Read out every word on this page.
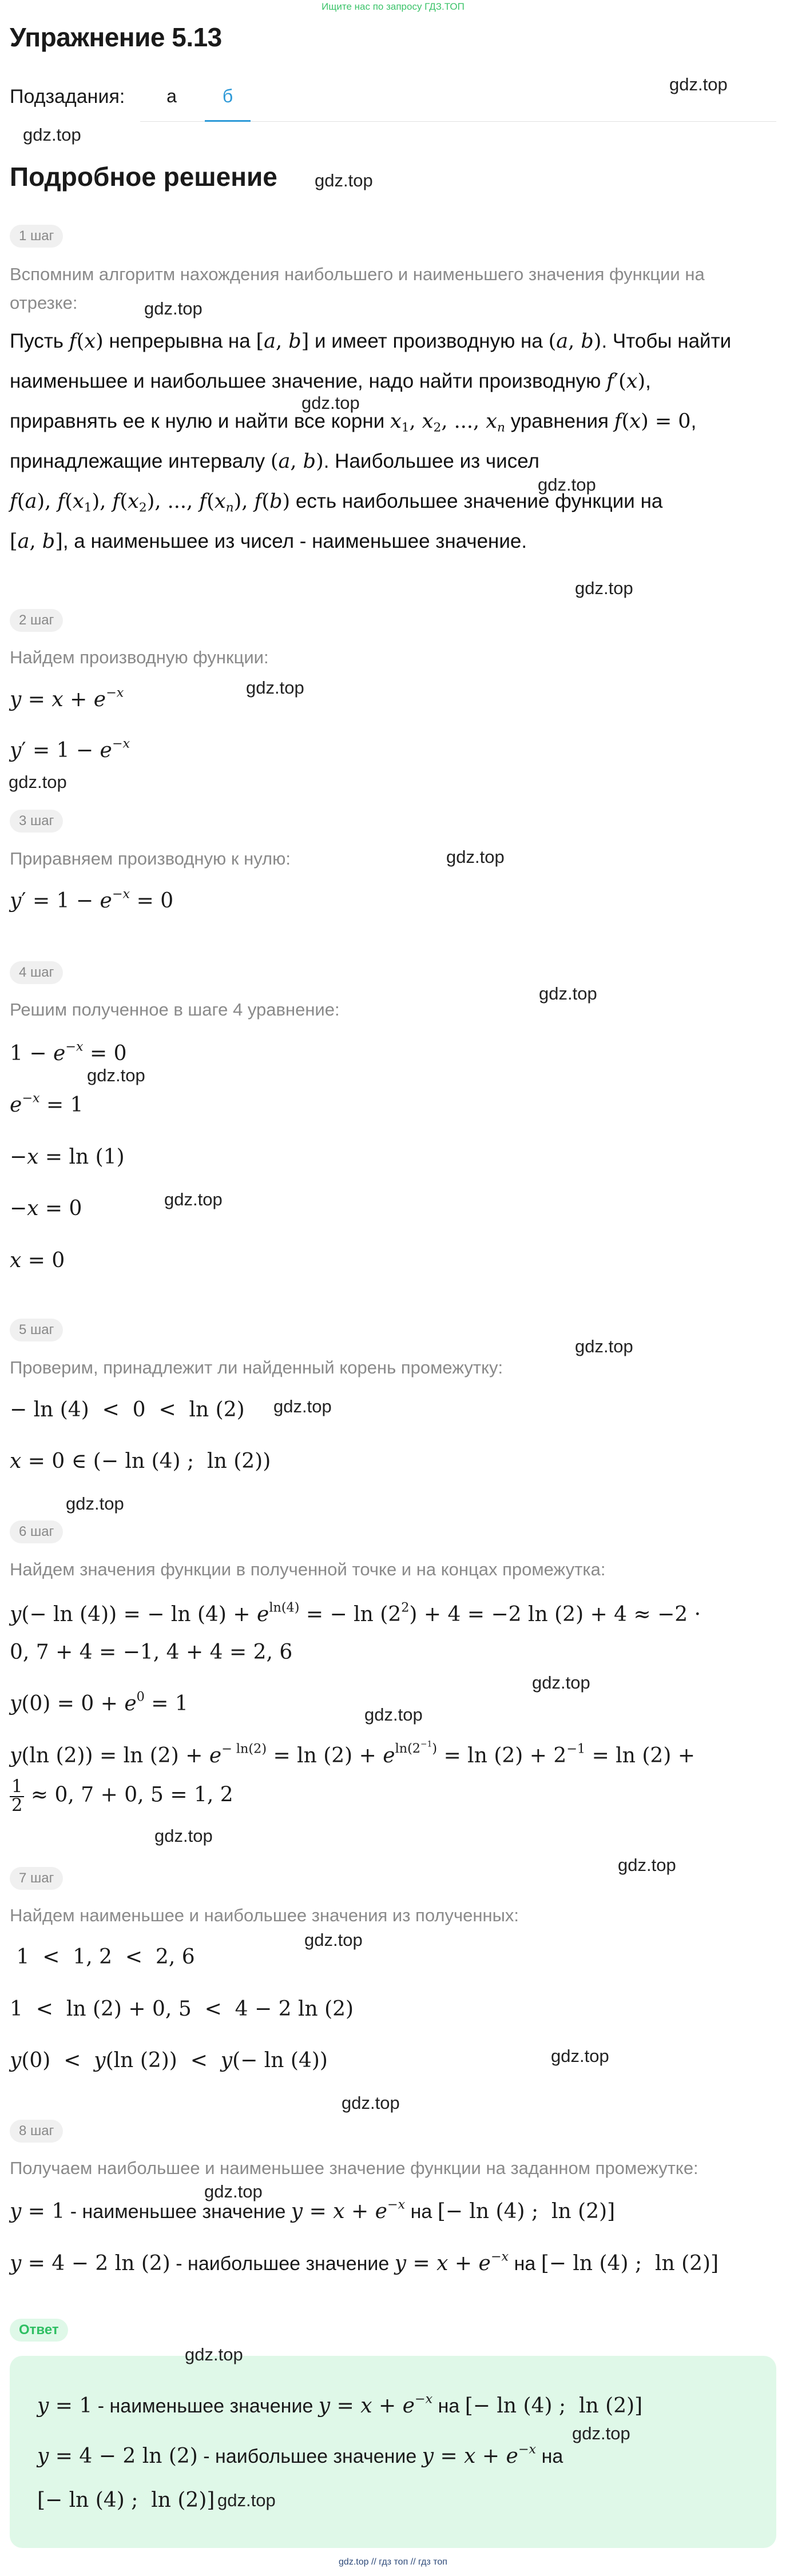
Ищите нас по запросу ГДЗ.ТОП
Упражнение 5.13
Подзадания:	а	б
Подробное решение
1 шаг
Вспомним алгоритм нахождения наибольшего и наименьшего значения функции на отрезке:
Пусть f(x) непрерывна на [a, b] и имеет производную на (a, b). Чтобы найти
наименьшее и наибольшее значение, надо найти производную f′(x),
приравнять ее к нулю и найти все корни $x_1$, $x_2$, ..., $x_n$ уравнения f(x) = 0,
принадлежащие интервалу (a, b). Наибольшее из чисел
f(a), $f(x_1)$, $f(x_2)$, ..., $f(x_n)$, f(b) есть наибольшее значение функции на
[a, b], а наименьшее из чисел - наименьшее значение.
2 шаг
Найдем производную функции:
$y = x + e^{-x}$
$y' = 1 - e^{-x}$
3 шаг
Приравняем производную к нулю:
$y' = 1 - e^{-x} = 0$
4 шаг
Решим полученное в шаге 4 уравнение:
$1 - e^{-x} = 0$
$e^{-x} = 1$
−x = ln (1)
−x = 0
x = 0
5 шаг
Проверим, принадлежит ли найденный корень промежутку:
− ln (4)  <  0  <  ln (2)
x = 0 ∈ (− ln (4) ;  ln (2))
6 шаг
Найдем значения функции в полученной точке и на концах промежутка:
y(− ln (4)) = − $\ln (4) + e^{ln(4)}$ = − $\ln (2^2) + 4 = -2$ ln (2) + 4 ≈ −2 ·
0, 7 + 4 = −1, 4 + 4 = 2, 6
$y(0) = 0 + e^0 = 1$
y(ln $(2)) = \ln (2) + e^{- ln(2)} = \ln (2) + e^{ln(2^{-1})} = \ln (2) + 2^{-1} = \ln (2)$ +
$\frac{1}{2} \approx 0$, 7 + 0, 5 = 1, 2
7 шаг
Найдем наименьшее и наибольшее значения из полученных:
1  <  1, 2  <  2, 6
1  <  ln (2) + 0, 5  <  4 − 2 ln (2)
y(0)  <  y(ln (2))  <  y(− ln (4))
8 шаг
Получаем наибольшее и наименьшее значение функции на заданном промежутке:
y = 1 - наименьшее значение $y = x + e^{-x}$ на [− ln (4) ;  ln (2)]
y = 4 − 2 ln (2) - наибольшее значение $y = x + e^{-x}$ на [− ln (4) ;  ln (2)]
Ответ
y = 1 - наименьшее значение $y = x + e^{-x}$ на [− ln (4) ;  ln (2)]
y = 4 − 2 ln (2) - наибольшее значение $y = x + e^{-x}$ на
[− ln (4) ;  ln (2)]
gdz.top
gdz.top
gdz.top
gdz.top
gdz.top
gdz.top
gdz.top
gdz.top
gdz.top
gdz.top
gdz.top
gdz.top
gdz.top
gdz.top
gdz.top
gdz.top
gdz.top
gdz.top
gdz.top
gdz.top
gdz.top
gdz.top
gdz.top
gdz.top
gdz.top
gdz.top
gdz.top
gdz.top // гдз топ // гдз топ
